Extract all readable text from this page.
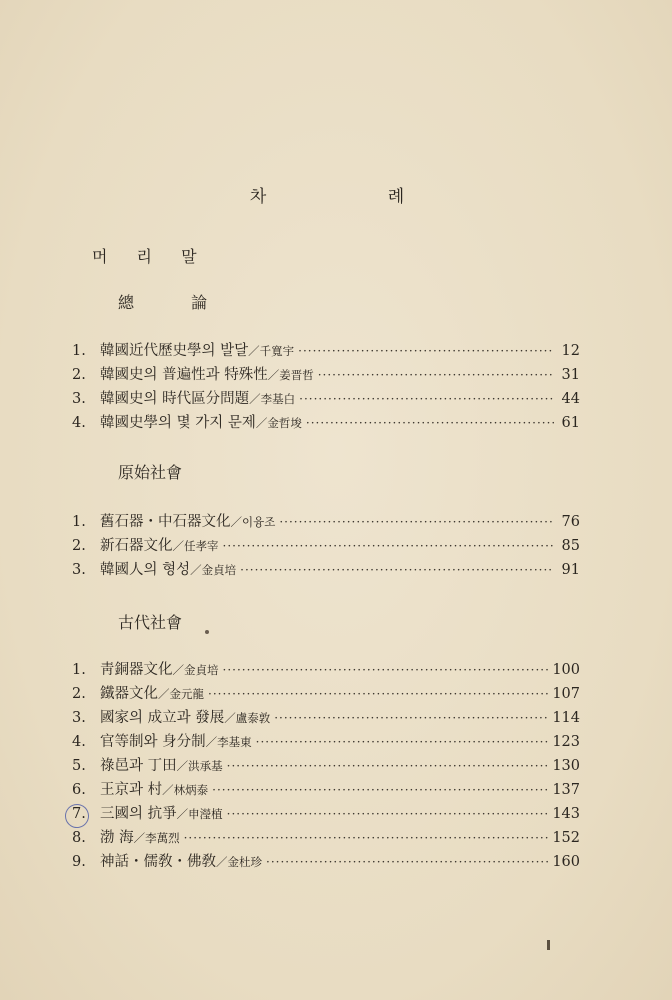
차 례
머 리 말
總 論
1. 韓國近代歷史學의 발달 ／千寬宇 ·····	12
2. 韓國史의 普遍性과 特殊性 ／姜晋哲 ·····	31
3. 韓國史의 時代區分問題 ／李基白 ·····	44
4. 韓國史學의 몇 가지 문제 ／金哲埈 ·····	61
原始社會
1. 舊石器・中石器文化 ／이융조 ·····	76
2. 新石器文化 ／任孝宰 ·····	85
3. 韓國人의 형성 ／金貞培 ·····	91
古代社會
1. 靑銅器文化 ／金貞培 ·····	100
2. 鐵器文化 ／金元龍 ·····	107
3. 國家의 成立과 發展 ／盧泰敦 ·····	114
4. 官等制와 身分制 ／李基東 ·····	123
5. 祿邑과 丁田 ／洪承基 ·····	130
6. 王京과 村 ／林炳泰 ·····	137
7. 三國의 抗爭 ／申瀅植 ·····	143
8. 渤 海 ／李萬烈 ·····	152
9. 神話・儒敎・佛敎 ／金杜珍 ·····	160
